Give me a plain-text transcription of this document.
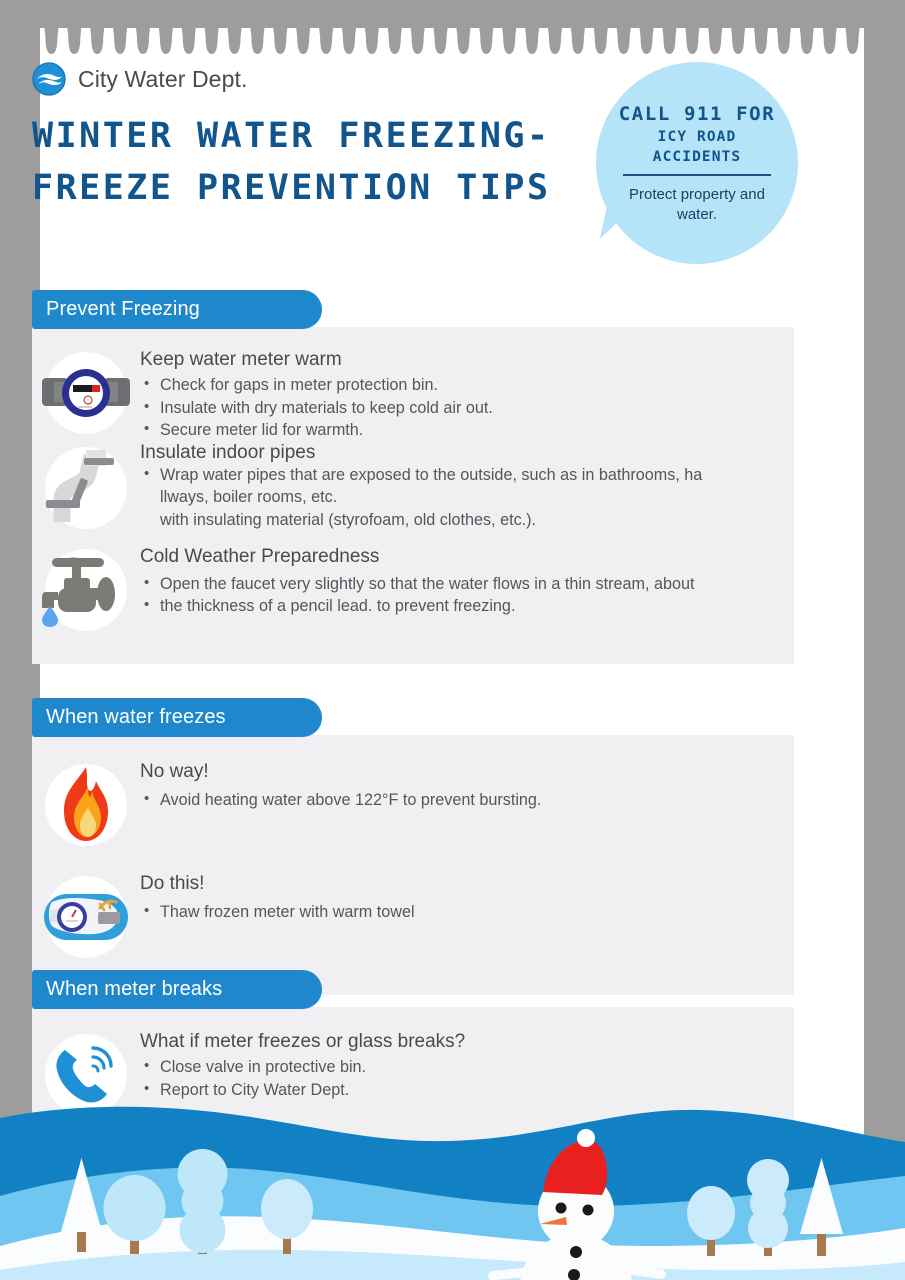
City Water Dept.
WINTER WATER FREEZING-
FREEZE PREVENTION TIPS
CALL 911 FOR
ICY ROAD ACCIDENTS
Protect property and water.
Prevent Freezing
Keep water meter warm
• Check for gaps in meter protection bin.
• Insulate with dry materials to keep cold air out.
• Secure meter lid for warmth.
Insulate indoor pipes
• Wrap water pipes that are exposed to the outside, such as in bathrooms, ha
llways, boiler rooms, etc.
with insulating material (styrofoam, old clothes, etc.).
Cold Weather Preparedness
• Open the faucet very slightly so that the water flows in a thin stream, about
• the thickness of a pencil lead. to prevent freezing.
When water freezes
No way!
• Avoid heating water above 122°F to prevent bursting.
Do this!
• Thaw frozen meter with warm towel
When meter breaks
What if meter freezes or glass breaks?
• Close valve in protective bin.
• Report to City Water Dept.
